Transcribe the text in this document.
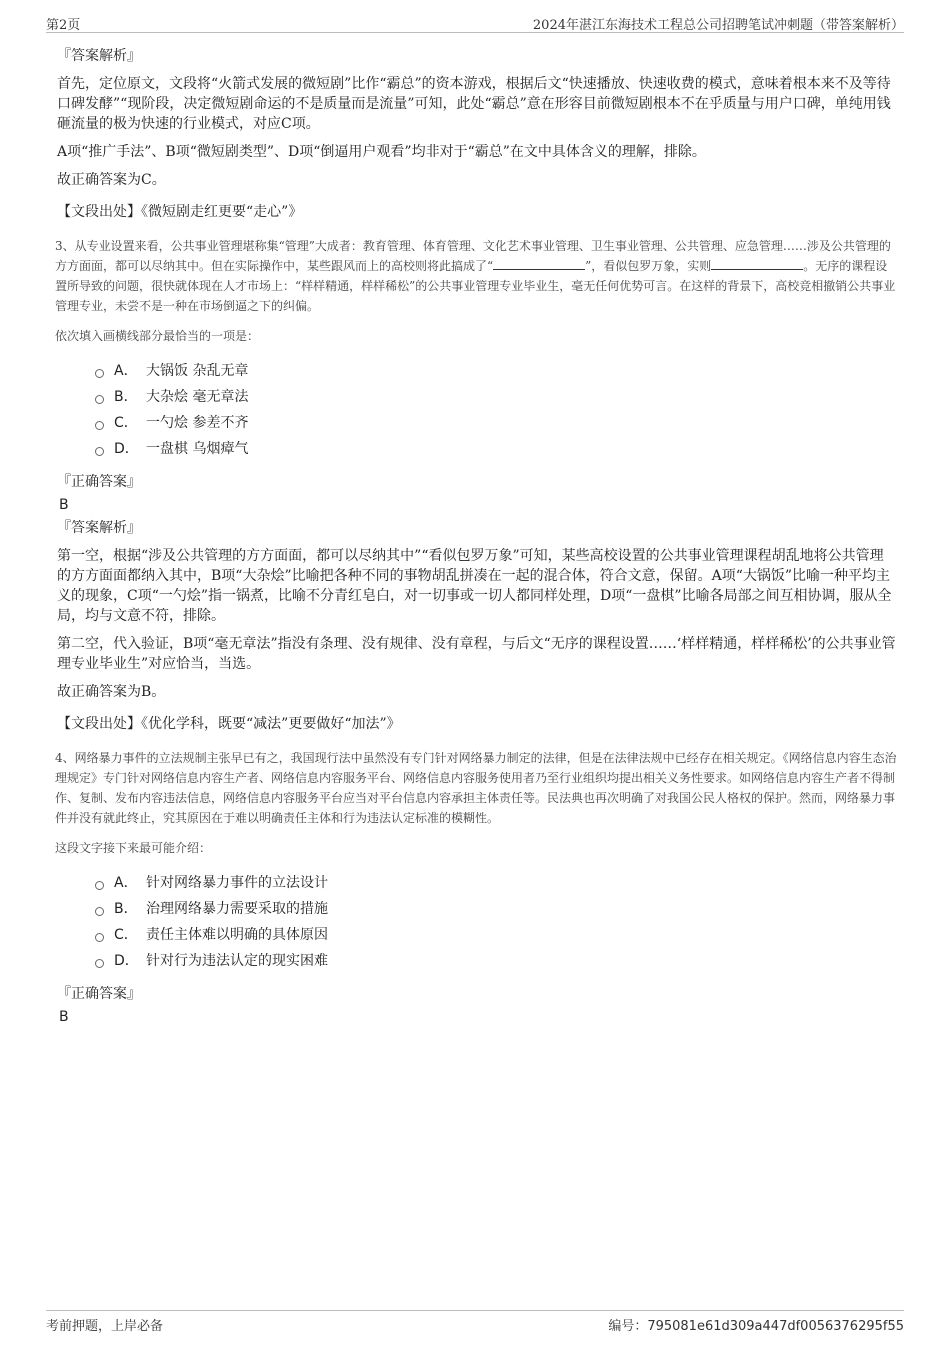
第2页	2024年湛江东海技术工程总公司招聘笔试冲刺题（带答案解析）
『答案解析』

首先，定位原文，文段将“火箭式发展的微短剧”比作“霸总”的资本游戏，根据后文“快速播放、快速收费的模式，意味着根本来不及等待口碑发酵”“现阶段，决定微短剧命运的不是质量而是流量”可知，此处“霸总”意在形容目前微短剧根本不在乎质量与用户口碑，单纯用钱砸流量的极为快速的行业模式，对应C项。

A项“推广手法”、B项“微短剧类型”、D项“倒逼用户观看”均非对于“霸总”在文中具体含义的理解，排除。

故正确答案为C。

【文段出处】《微短剧走红更要“走心”》

3、从专业设置来看，公共事业管理堪称集“管理”大成者：教育管理、体育管理、文化艺术事业管理、卫生事业管理、公共管理、应急管理……涉及公共管理的方方面面，都可以尽纳其中。但在实际操作中，某些跟风而上的高校则将此搞成了“	”，看似包罗万象，实则	。无序的课程设置所导致的问题，很快就体现在人才市场上：“样样精通，样样稀松”的公共事业管理专业毕业生，毫无任何优势可言。在这样的背景下，高校竞相撤销公共事业管理专业，未尝不是一种在市场倒逼之下的纠偏。

依次填入画横线部分最恰当的一项是：

A． 大锅饭 杂乱无章
B． 大杂烩 毫无章法
C． 一勺烩 参差不齐
D． 一盘棋 乌烟瘴气
『正确答案』
B
『答案解析』

第一空，根据“涉及公共管理的方方面面，都可以尽纳其中”“看似包罗万象”可知，某些高校设置的公共事业管理课程胡乱地将公共管理的方方面面都纳入其中，B项“大杂烩”比喻把各种不同的事物胡乱拼凑在一起的混合体，符合文意，保留。A项“大锅饭”比喻一种平均主义的现象，C项“一勺烩”指一锅煮，比喻不分青红皂白，对一切事或一切人都同样处理，D项“一盘棋”比喻各局部之间互相协调，服从全局，均与文意不符，排除。

第二空，代入验证，B项“毫无章法”指没有条理、没有规律、没有章程，与后文“无序的课程设置……‘样样精通，样样稀松’的公共事业管理专业毕业生”对应恰当，当选。

故正确答案为B。

【文段出处】《优化学科，既要“减法”更要做好“加法”》

4、网络暴力事件的立法规制主张早已有之，我国现行法中虽然没有专门针对网络暴力制定的法律，但是在法律法规中已经存在相关规定。《网络信息内容生态治理规定》专门针对网络信息内容生产者、网络信息内容服务平台、网络信息内容服务使用者乃至行业组织均提出相关义务性要求。如网络信息内容生产者不得制作、复制、发布内容违法信息，网络信息内容服务平台应当对平台信息内容承担主体责任等。民法典也再次明确了对我国公民人格权的保护。然而，网络暴力事件并没有就此终止，究其原因在于难以明确责任主体和行为违法认定标准的模糊性。

这段文字接下来最可能介绍：

A． 针对网络暴力事件的立法设计
B． 治理网络暴力需要采取的措施
C． 责任主体难以明确的具体原因
D． 针对行为违法认定的现实困难
『正确答案』
B
考前押题，上岸必备	编号：795081e61d309a447df0056376295f55
